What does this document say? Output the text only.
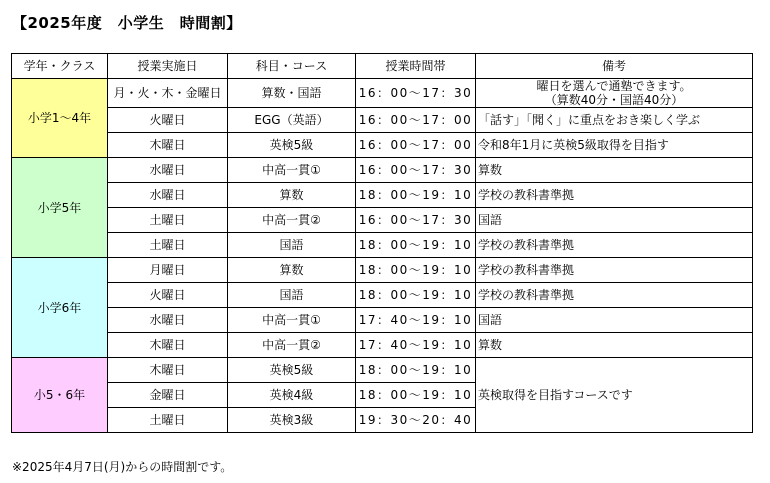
【2025年度　小学生　時間割】
学年・クラス	授業実施日	科目・コース	授業時間帯	備考
小学1〜4年	月・火・木・金曜日	算数・国語	16：00〜17：30	曜日を選んで通塾できます。
（算数40分・国語40分）

	火曜日	EGG（英語）	16：00〜17：00	「話す」「聞く」に重点をおき楽しく学ぶ
	木曜日	英検5級	16：00〜17：00	令和8年1月に英検5級取得を目指す
小学5年	水曜日	中高一貫①	16：00〜17：30	算数
	水曜日	算数	18：00〜19：10	学校の教科書準拠
	土曜日	中高一貫②	16：00〜17：30	国語
	土曜日	国語	18：00〜19：10	学校の教科書準拠
小学6年	月曜日	算数	18：00〜19：10	学校の教科書準拠
	火曜日	国語	18：00〜19：10	学校の教科書準拠
	水曜日	中高一貫①	17：40〜19：10	国語
	木曜日	中高一貫②	17：40〜19：10	算数
小5・6年	木曜日	英検5級	18：00〜19：10	英検取得を目指すコースです
	金曜日	英検4級	18：00〜19：10	
	土曜日	英検3級	19：30〜20：40	
※2025年4月7日(月)からの時間割です。
